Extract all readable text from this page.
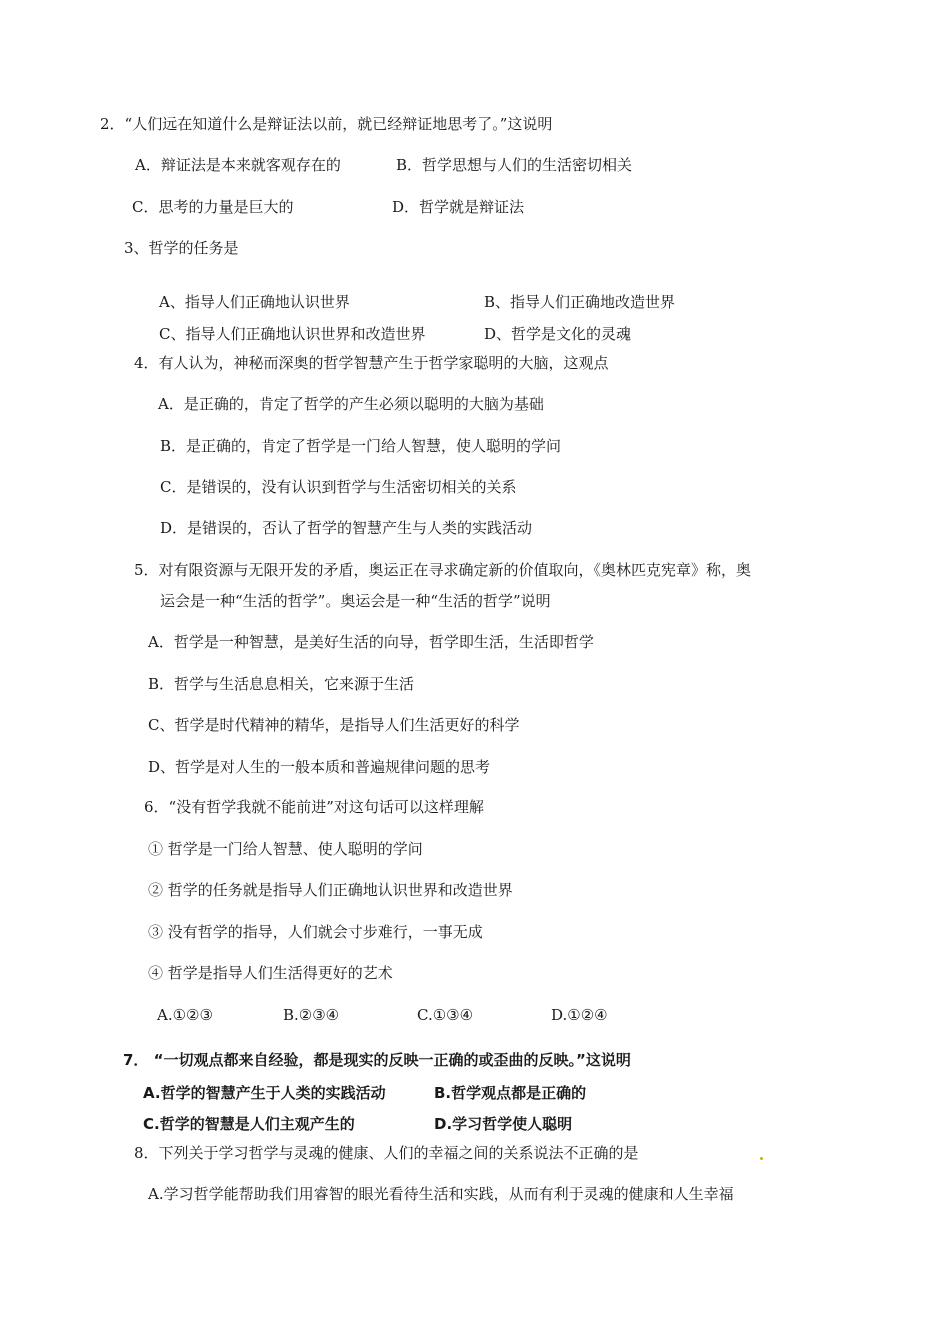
2．“人们远在知道什么是辩证法以前，就已经辩证地思考了。”这说明
A．辩证法是本来就客观存在的	B．哲学思想与人们的生活密切相关
C．思考的力量是巨大的	D．哲学就是辩证法
3、哲学的任务是
A、指导人们正确地认识世界	B、指导人们正确地改造世界
C、指导人们正确地认识世界和改造世界	D、哲学是文化的灵魂
4．有人认为，神秘而深奥的哲学智慧产生于哲学家聪明的大脑，这观点
A．是正确的，肯定了哲学的产生必须以聪明的大脑为基础
B．是正确的，肯定了哲学是一门给人智慧，使人聪明的学问
C．是错误的，没有认识到哲学与生活密切相关的关系
D．是错误的，否认了哲学的智慧产生与人类的实践活动
5．对有限资源与无限开发的矛盾，奥运正在寻求确定新的价值取向，《奥林匹克宪章》称，奥
运会是一种“生活的哲学”。奥运会是一种“生活的哲学”说明
A．哲学是一种智慧，是美好生活的向导，哲学即生活，生活即哲学
B．哲学与生活息息相关，它来源于生活
C、哲学是时代精神的精华，是指导人们生活更好的科学
D、哲学是对人生的一般本质和普遍规律问题的思考
6．“没有哲学我就不能前进”对这句话可以这样理解
① 哲学是一门给人智慧、使人聪明的学问
② 哲学的任务就是指导人们正确地认识世界和改造世界
③ 没有哲学的指导，人们就会寸步难行，一事无成
④ 哲学是指导人们生活得更好的艺术
A.①②③	B.②③④	C.①③④	D.①②④
7． “一切观点都来自经验，都是现实的反映一正确的或歪曲的反映。”这说明
A.哲学的智慧产生于人类的实践活动	B.哲学观点都是正确的
C.哲学的智慧是人们主观产生的	D.学习哲学使人聪明
8．下列关于学习哲学与灵魂的健康、人们的幸福之间的关系说法不正确的是
A.学习哲学能帮助我们用睿智的眼光看待生活和实践，从而有利于灵魂的健康和人生幸福
